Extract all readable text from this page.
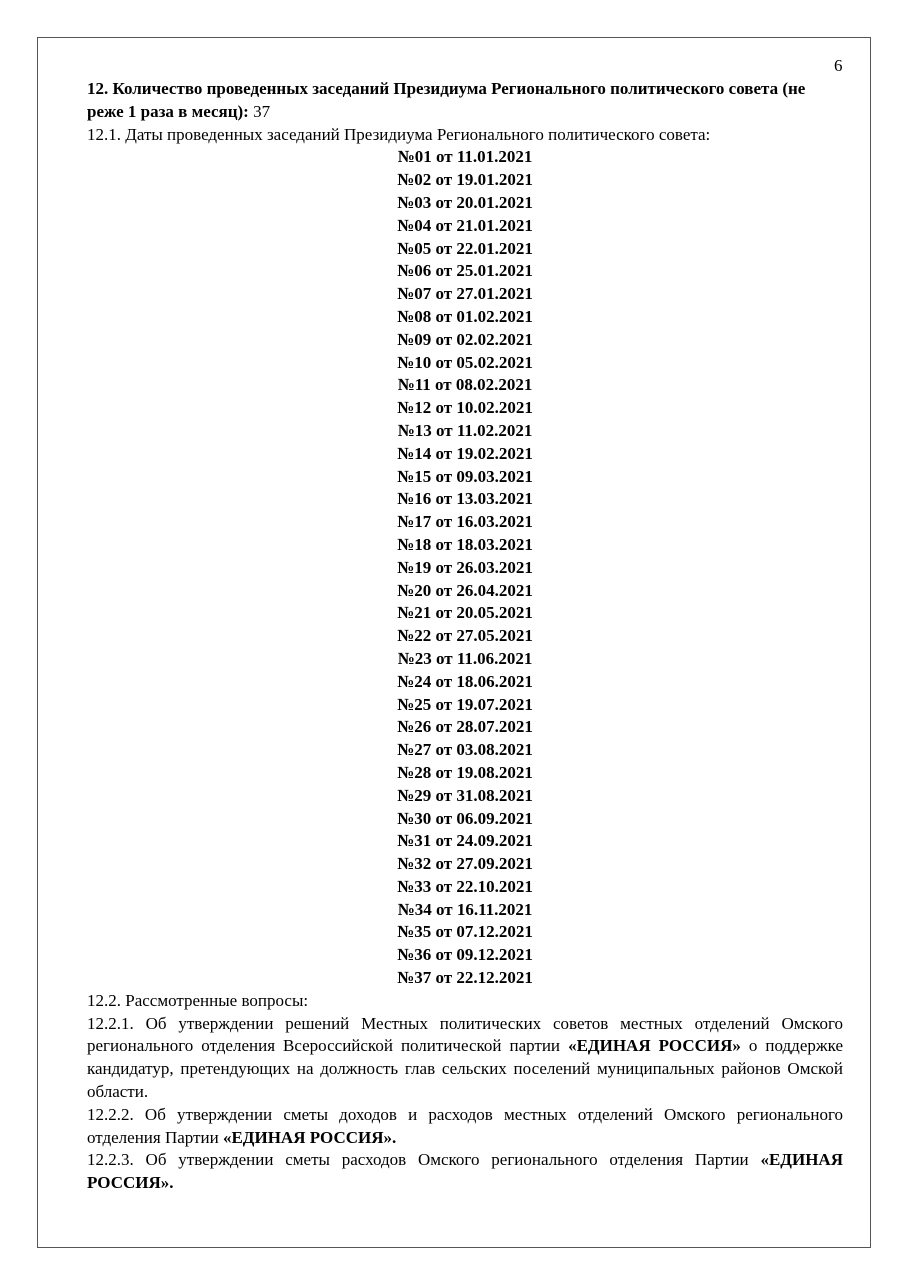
6

12. Количество проведенных заседаний Президиума Регионального политического совета (не реже 1 раза в месяц): 37

12.1. Даты проведенных заседаний Президиума Регионального политического совета:

№01 от 11.01.2021
№02 от 19.01.2021
№03 от 20.01.2021
№04 от 21.01.2021
№05 от 22.01.2021
№06 от 25.01.2021
№07 от 27.01.2021
№08 от 01.02.2021
№09 от 02.02.2021
№10 от 05.02.2021
№11 от 08.02.2021
№12 от 10.02.2021
№13 от 11.02.2021
№14 от 19.02.2021
№15 от 09.03.2021
№16 от 13.03.2021
№17 от 16.03.2021
№18 от 18.03.2021
№19 от 26.03.2021
№20 от 26.04.2021
№21 от 20.05.2021
№22 от 27.05.2021
№23 от 11.06.2021
№24 от 18.06.2021
№25 от 19.07.2021
№26 от 28.07.2021
№27 от 03.08.2021
№28 от 19.08.2021
№29 от 31.08.2021
№30 от 06.09.2021
№31 от 24.09.2021
№32 от 27.09.2021
№33 от 22.10.2021
№34 от 16.11.2021
№35 от 07.12.2021
№36 от 09.12.2021
№37 от 22.12.2021

12.2. Рассмотренные вопросы:

12.2.1. Об утверждении решений Местных политических советов местных отделений Омского регионального отделения Всероссийской политической партии «ЕДИНАЯ РОССИЯ» о поддержке кандидатур, претендующих на должность глав сельских поселений муниципальных районов Омской области.

12.2.2. Об утверждении сметы доходов и расходов местных отделений Омского регионального отделения Партии «ЕДИНАЯ РОССИЯ».

12.2.3. Об утверждении сметы расходов Омского регионального отделения Партии «ЕДИНАЯ РОССИЯ».
